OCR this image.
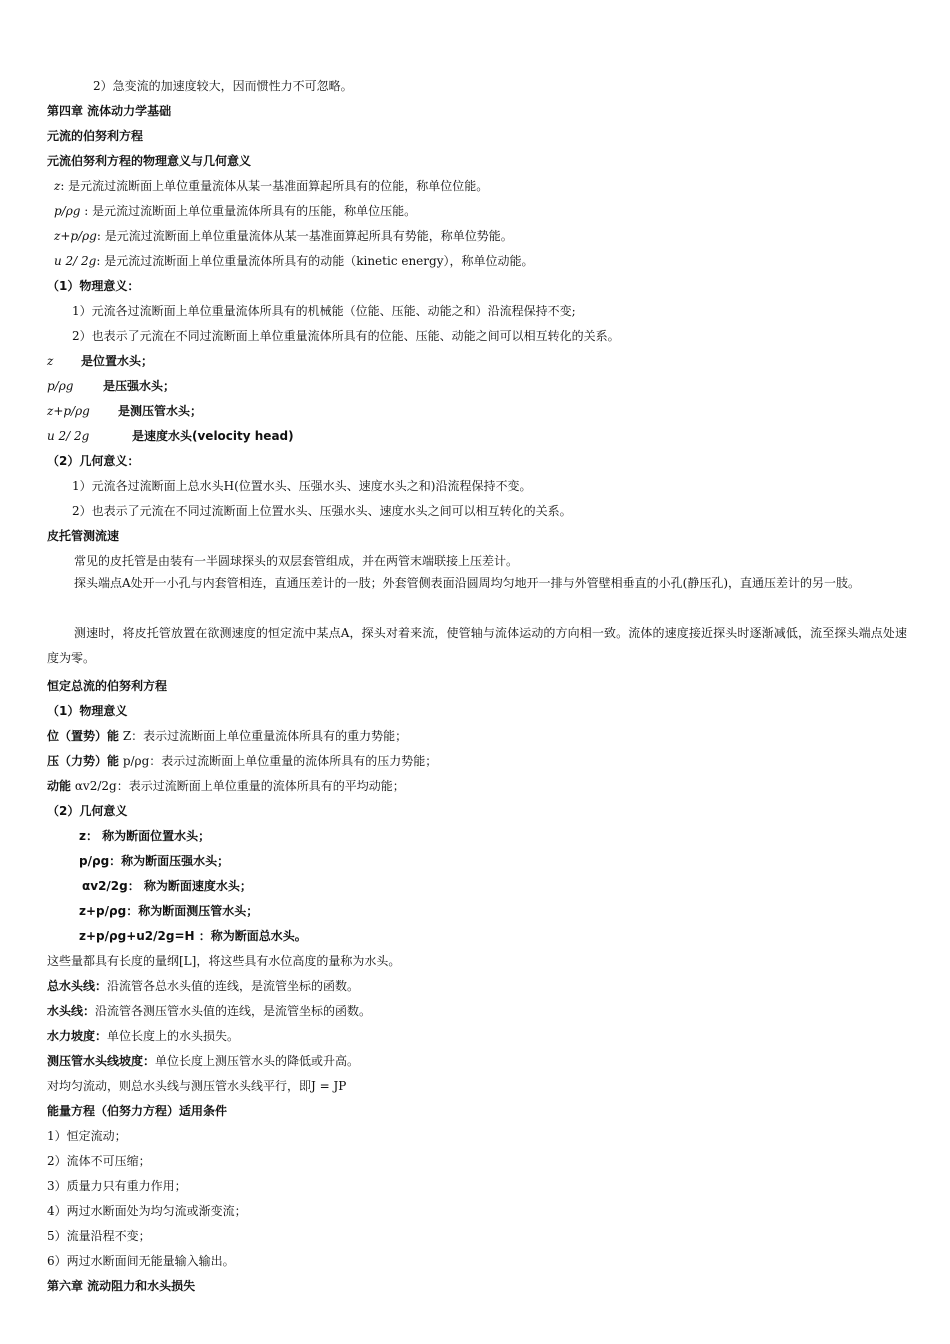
2）急变流的加速度较大，因而惯性力不可忽略。
第四章 流体动力学基础
元流的伯努利方程
元流伯努利方程的物理意义与几何意义
z: 是元流过流断面上单位重量流体从某一基准面算起所具有的位能，称单位位能。
p/ρg : 是元流过流断面上单位重量流体所具有的压能，称单位压能。
z+p/ρg: 是元流过流断面上单位重量流体从某一基准面算起所具有势能，称单位势能。
u 2/ 2g: 是元流过流断面上单位重量流体所具有的动能（kinetic energy），称单位动能。
（1）物理意义：
1）元流各过流断面上单位重量流体所具有的机械能（位能、压能、动能之和）沿流程保持不变;
2）也表示了元流在不同过流断面上单位重量流体所具有的位能、压能、动能之间可以相互转化的关系。
z 是位置水头；
p/ρg 是压强水头；
z+p/ρg 是测压管水头；
u 2/ 2g	是速度水头(velocity head)
（2）几何意义：
1）元流各过流断面上总水头H(位置水头、压强水头、速度水头之和)沿流程保持不变。
2）也表示了元流在不同过流断面上位置水头、压强水头、速度水头之间可以相互转化的关系。
皮托管测流速
常见的皮托管是由装有一半圆球探头的双层套管组成，并在两管末端联接上压差计。
探头端点A处开一小孔与内套管相连，直通压差计的一肢；外套管侧表面沿圆周均匀地开一排与外管壁相垂直的小孔(静压孔)，直通压差计的另一肢。
测速时，将皮托管放置在欲测速度的恒定流中某点A，探头对着来流，使管轴与流体运动的方向相一致。流体的速度接近探头时逐渐减低，流至探头端点处速度为零。
恒定总流的伯努利方程
（1）物理意义
位（置势）能 Z：表示过流断面上单位重量流体所具有的重力势能；
压（力势）能 p/ρg：表示过流断面上单位重量的流体所具有的压力势能；
动能 αv2/2g：表示过流断面上单位重量的流体所具有的平均动能；
（2）几何意义
z： 称为断面位置水头；
p/ρg：称为断面压强水头；
αv2/2g： 称为断面速度水头；
z+p/ρg：称为断面测压管水头；
z+p/ρg+u2/2g=H ：称为断面总水头。
这些量都具有长度的量纲[L]，将这些具有水位高度的量称为水头。
总水头线：沿流管各总水头值的连线，是流管坐标的函数。
水头线：沿流管各测压管水头值的连线，是流管坐标的函数。
水力坡度：单位长度上的水头损失。
测压管水头线坡度：单位长度上测压管水头的降低或升高。
对均匀流动，则总水头线与测压管水头线平行，即J = JP
能量方程（伯努力方程）适用条件
1）恒定流动；
2）流体不可压缩；
3）质量力只有重力作用；
4）两过水断面处为均匀流或渐变流；
5）流量沿程不变；
6）两过水断面间无能量输入输出。
第六章 流动阻力和水头损失
